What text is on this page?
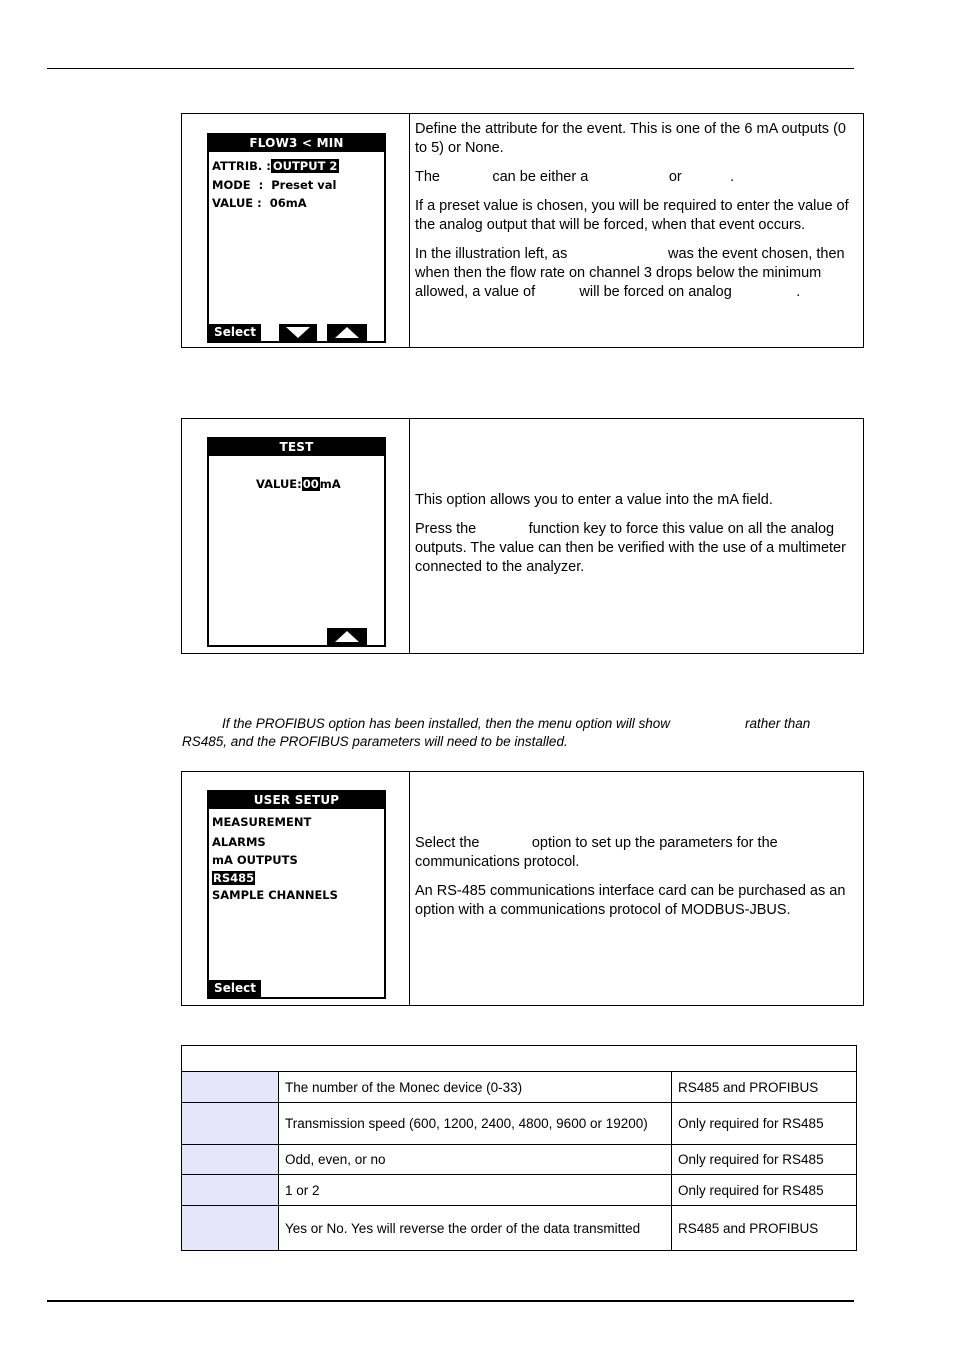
FLOW3 < MIN
ATTRIB. : OUTPUT 2
MODE  :  Preset val
VALUE :  06mA
Select

Define the attribute for the event. This is one of the 6 mA outputs (0 to 5) or None.

The             can be either a                    or            .

If a preset value is chosen, you will be required to enter the value of the analog output that will be forced, when that event occurs.

In the illustration left, as                         was the event chosen, then when then the flow rate on channel 3 drops below the minimum allowed, a value of           will be forced on analog                .

TEST
VALUE:00mA

This option allows you to enter a value into the mA field.

Press the             function key to force this value on all the analog outputs. The value can then be verified with the use of a multimeter connected to the analyzer.

If the PROFIBUS option has been installed, then the menu option will show                    rather than
RS485, and the PROFIBUS parameters will need to be installed.
USER SETUP
MEASUREMENT
ALARMS
mA OUTPUTS
RS485
SAMPLE CHANNELS
Select

Select the             option to set up the parameters for the communications protocol.

An RS-485 communications interface card can be purchased as an option with a communications protocol of MODBUS-JBUS.

	The number of the Monec device (0-33)	RS485 and PROFIBUS
	Transmission speed (600, 1200, 2400, 4800, 9600 or 19200)	Only required for RS485
	Odd, even, or no	Only required for RS485
	1 or 2	Only required for RS485
	Yes or No. Yes will reverse the order of the data transmitted	RS485 and PROFIBUS
